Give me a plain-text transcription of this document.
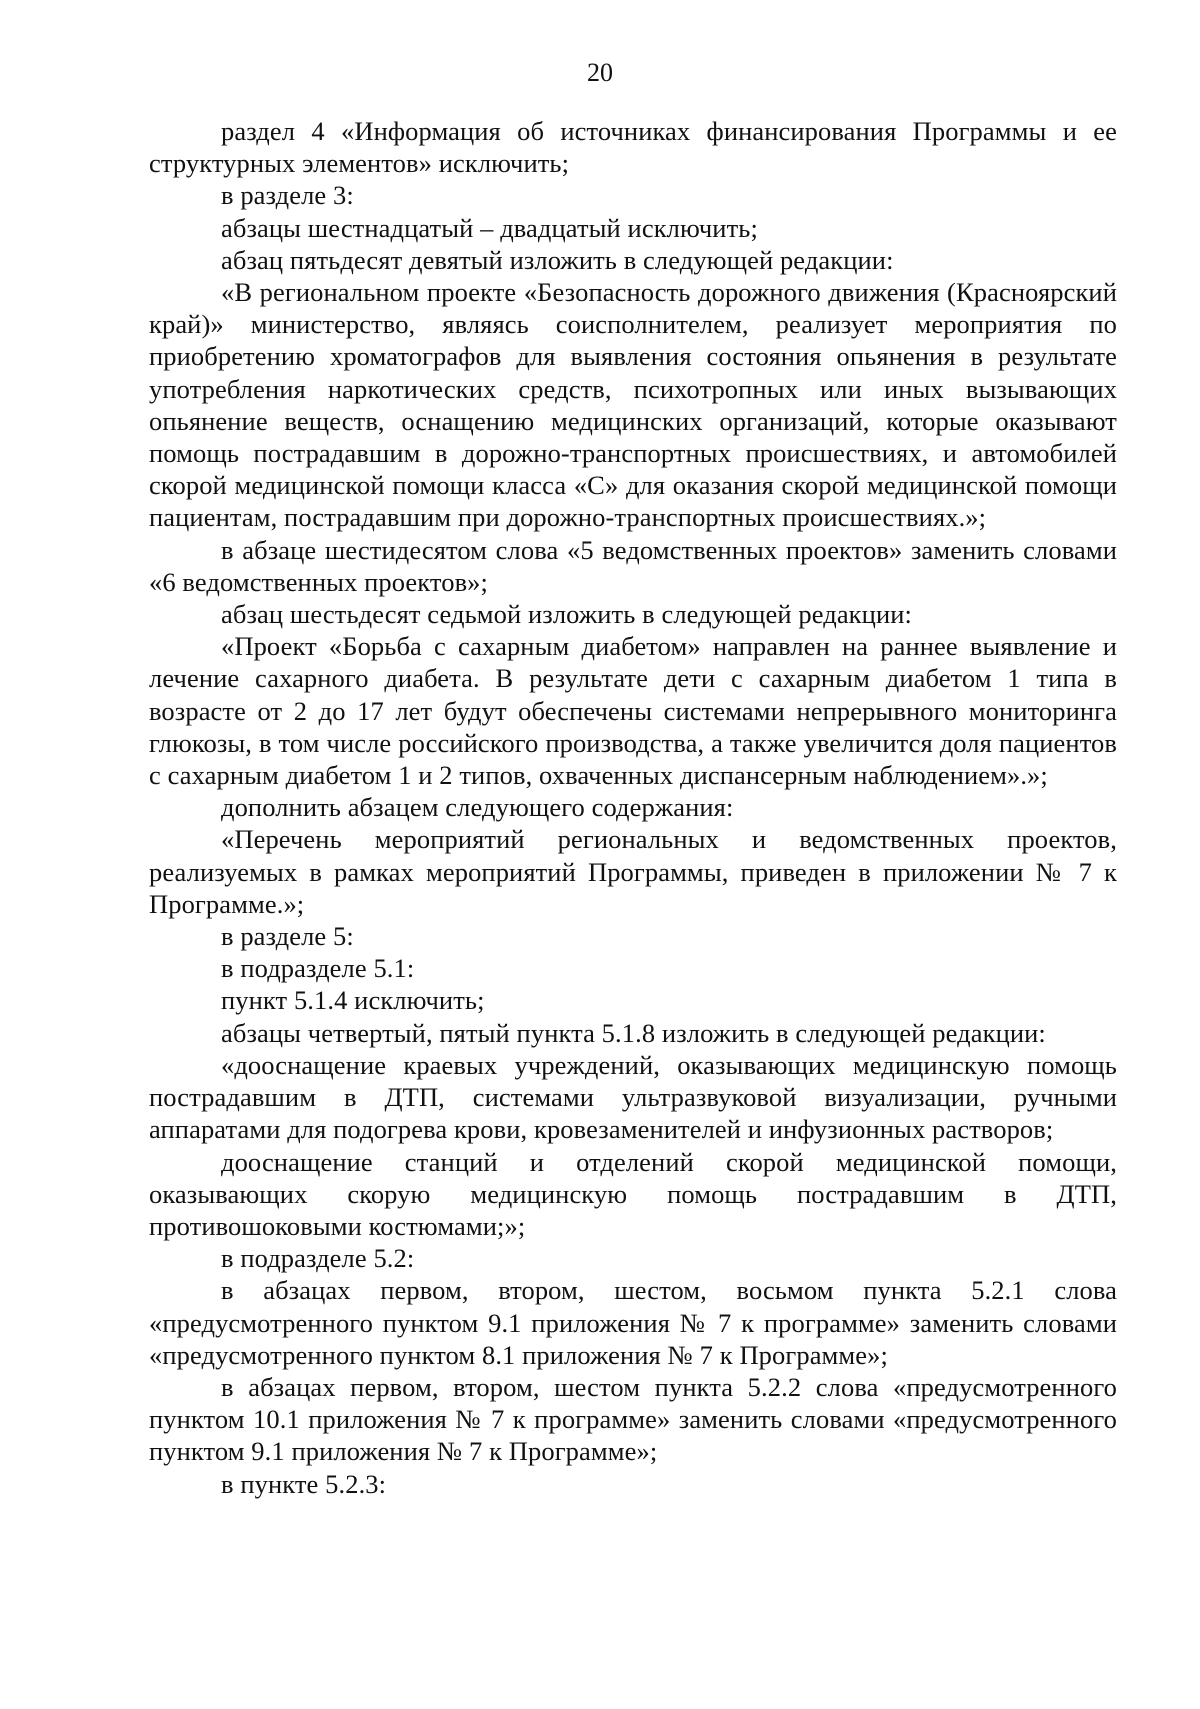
20

раздел 4 «Информация об источниках финансирования Программы и ее структурных элементов» исключить;

в разделе 3:

абзацы шестнадцатый – двадцатый исключить;

абзац пятьдесят девятый изложить в следующей редакции:

«В региональном проекте «Безопасность дорожного движения (Красноярский край)» министерство, являясь соисполнителем, реализует мероприятия по приобретению хроматографов для выявления состояния опьянения в результате употребления наркотических средств, психотропных или иных вызывающих опьянение веществ, оснащению медицинских организаций, которые оказывают помощь пострадавшим в дорожно-транспортных происшествиях, и автомобилей скорой медицинской помощи класса «С» для оказания скорой медицинской помощи пациентам, пострадавшим при дорожно-транспортных происшествиях.»;

в абзаце шестидесятом слова «5 ведомственных проектов» заменить словами «6 ведомственных проектов»;

абзац шестьдесят седьмой изложить в следующей редакции:

«Проект «Борьба с сахарным диабетом» направлен на раннее выявление и лечение сахарного диабета. В результате дети с сахарным диабетом 1 типа в возрасте от 2 до 17 лет будут обеспечены системами непрерывного мониторинга глюкозы, в том числе российского производства, а также увеличится доля пациентов с сахарным диабетом 1 и 2 типов, охваченных диспансерным наблюдением».»;

дополнить абзацем следующего содержания:

«Перечень мероприятий региональных и ведомственных проектов, реализуемых в рамках мероприятий Программы, приведен в приложении № 7 к Программе.»;

в разделе 5:

в подразделе 5.1:

пункт 5.1.4 исключить;

абзацы четвертый, пятый пункта 5.1.8 изложить в следующей редакции:

«дооснащение краевых учреждений, оказывающих медицинскую помощь пострадавшим в ДТП, системами ультразвуковой визуализации, ручными аппаратами для подогрева крови, кровезаменителей и инфузионных растворов;

дооснащение станций и отделений скорой медицинской помощи, оказывающих скорую медицинскую помощь пострадавшим в ДТП, противошоковыми костюмами;»;

в подразделе 5.2:

в абзацах первом, втором, шестом, восьмом пункта 5.2.1 слова «предусмотренного пунктом 9.1 приложения № 7 к программе» заменить словами «предусмотренного пунктом 8.1 приложения № 7 к Программе»;

в абзацах первом, втором, шестом пункта 5.2.2 слова «предусмотренного пунктом 10.1 приложения № 7 к программе» заменить словами «предусмотренного пунктом 9.1 приложения № 7 к Программе»;

в пункте 5.2.3:
